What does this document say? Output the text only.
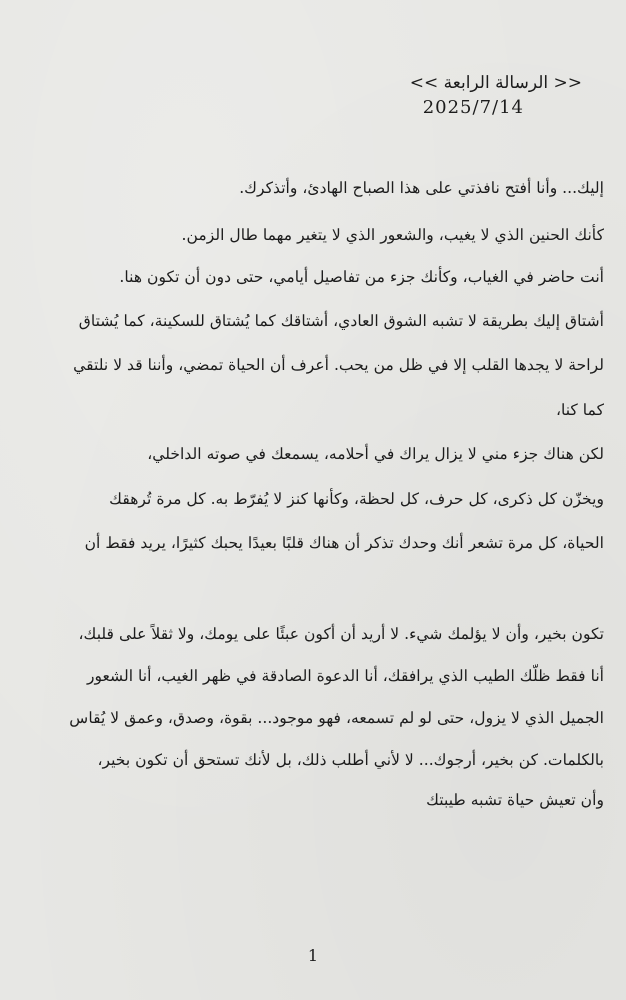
<< الرسالة الرابعة >>
2025/7/14
إليك... وأنا أفتح نافذتي على هذا الصباح الهادئ، وأتذكرك.
كأنك الحنين الذي لا يغيب، والشعور الذي لا يتغير مهما طال الزمن.
أنت حاضر في الغياب، وكأنك جزء من تفاصيل أيامي، حتى دون أن تكون هنا.
أشتاق إليك بطريقة لا تشبه الشوق العادي، أشتاقك كما يُشتاق للسكينة، كما يُشتاق
لراحة لا يجدها القلب إلا في ظل من يحب. أعرف أن الحياة تمضي، وأننا قد لا نلتقي
كما كنا،
لكن هناك جزء مني لا يزال يراك في أحلامه، يسمعك في صوته الداخلي،
ويخزّن كل ذكرى، كل حرف، كل لحظة، وكأنها كنز لا يُفرّط به. كل مرة تُرهقك
الحياة، كل مرة تشعر أنك وحدك تذكر أن هناك قلبًا بعيدًا يحبك كثيرًا، يريد فقط أن
تكون بخير، وأن لا يؤلمك شيء. لا أريد أن أكون عبئًا على يومك، ولا ثقلاً على قلبك،
أنا فقط ظلّك الطيب الذي يرافقك، أنا الدعوة الصادقة في ظهر الغيب، أنا الشعور
الجميل الذي لا يزول، حتى لو لم تسمعه، فهو موجود... بقوة، وصدق، وعمق لا يُقاس
بالكلمات. كن بخير، أرجوك... لا لأني أطلب ذلك، بل لأنك تستحق أن تكون بخير،
وأن تعيش حياة تشبه طيبتك
1
